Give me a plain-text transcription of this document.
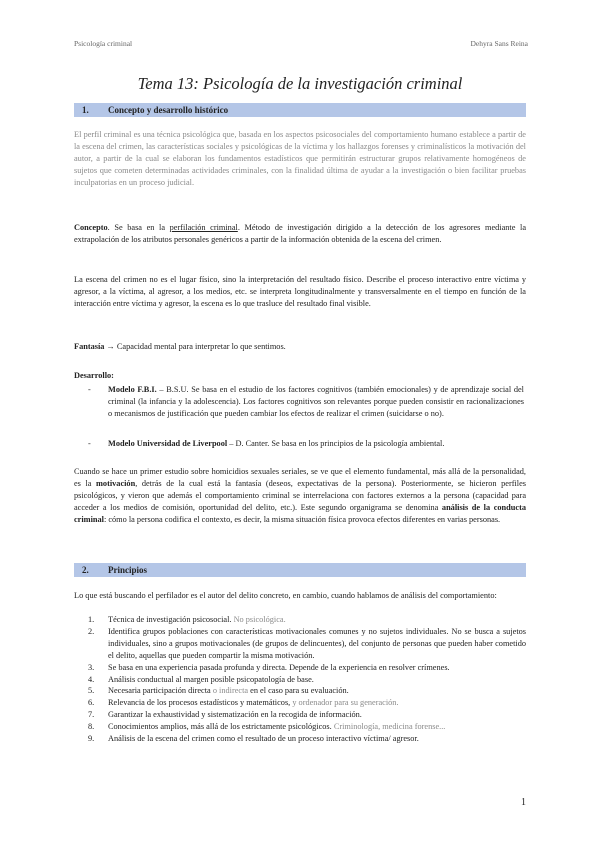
Psicología criminal	Dehyra Sans Reina
Tema 13: Psicología de la investigación criminal
1. Concepto y desarrollo histórico
El perfil criminal es una técnica psicológica que, basada en los aspectos psicosociales del comportamiento humano establece a partir de la escena del crimen, las características sociales y psicológicas de la víctima y los hallazgos forenses y criminalísticos la motivación del autor, a partir de la cual se elaboran los fundamentos estadísticos que permitirán estructurar grupos relativamente homogéneos de sujetos que cometen determinadas actividades criminales, con la finalidad última de ayudar a la investigación o bien facilitar pruebas inculpatorias en un proceso judicial.
Concepto. Se basa en la perfilación criminal. Método de investigación dirigido a la detección de los agresores mediante la extrapolación de los atributos personales genéricos a partir de la información obtenida de la escena del crimen.
La escena del crimen no es el lugar físico, sino la interpretación del resultado físico. Describe el proceso interactivo entre víctima y agresor, a la víctima, al agresor, a los medios, etc. se interpreta longitudinalmente y transversalmente en el tiempo en función de la interacción entre víctima y agresor, la escena es lo que trasluce del resultado final visible.
Fantasía → Capacidad mental para interpretar lo que sentimos.
Desarrollo:
- Modelo F.B.I. – B.S.U. Se basa en el estudio de los factores cognitivos (también emocionales) y de aprendizaje social del criminal (la infancia y la adolescencia). Los factores cognitivos son relevantes porque pueden consistir en racionalizaciones o mecanismos de justificación que pueden cambiar los efectos de realizar el crimen (suicidarse o no).
- Modelo Universidad de Liverpool – D. Canter. Se basa en los principios de la psicología ambiental.
Cuando se hace un primer estudio sobre homicidios sexuales seriales, se ve que el elemento fundamental, más allá de la personalidad, es la motivación, detrás de la cual está la fantasía (deseos, expectativas de la persona). Posteriormente, se hicieron perfiles psicológicos, y vieron que además el comportamiento criminal se interrelaciona con factores externos a la persona (capacidad para acceder a los medios de comisión, oportunidad del delito, etc.). Este segundo organigrama se denomina análisis de la conducta criminal: cómo la persona codifica el contexto, es decir, la misma situación física provoca efectos diferentes en varias personas.
2. Principios
Lo que está buscando el perfilador es el autor del delito concreto, en cambio, cuando hablamos de análisis del comportamiento:
1.	Técnica de investigación psicosocial. No psicológica.
2.	Identifica grupos poblaciones con características motivacionales comunes y no sujetos individuales. No se busca a sujetos individuales, sino a grupos motivacionales (de grupos de delincuentes), del conjunto de personas que pueden haber cometido el delito, aquellas que pueden compartir la misma motivación.
3.	Se basa en una experiencia pasada profunda y directa. Depende de la experiencia en resolver crímenes.
4.	Análisis conductual al margen posible psicopatología de base.
5.	Necesaria participación directa o indirecta en el caso para su evaluación.
6.	Relevancia de los procesos estadísticos y matemáticos, y ordenador para su generación.
7.	Garantizar la exhaustividad y sistematización en la recogida de información.
8.	Conocimientos amplios, más allá de los estrictamente psicológicos. Criminología, medicina forense...
9.	Análisis de la escena del crimen como el resultado de un proceso interactivo víctima/ agresor.
1
